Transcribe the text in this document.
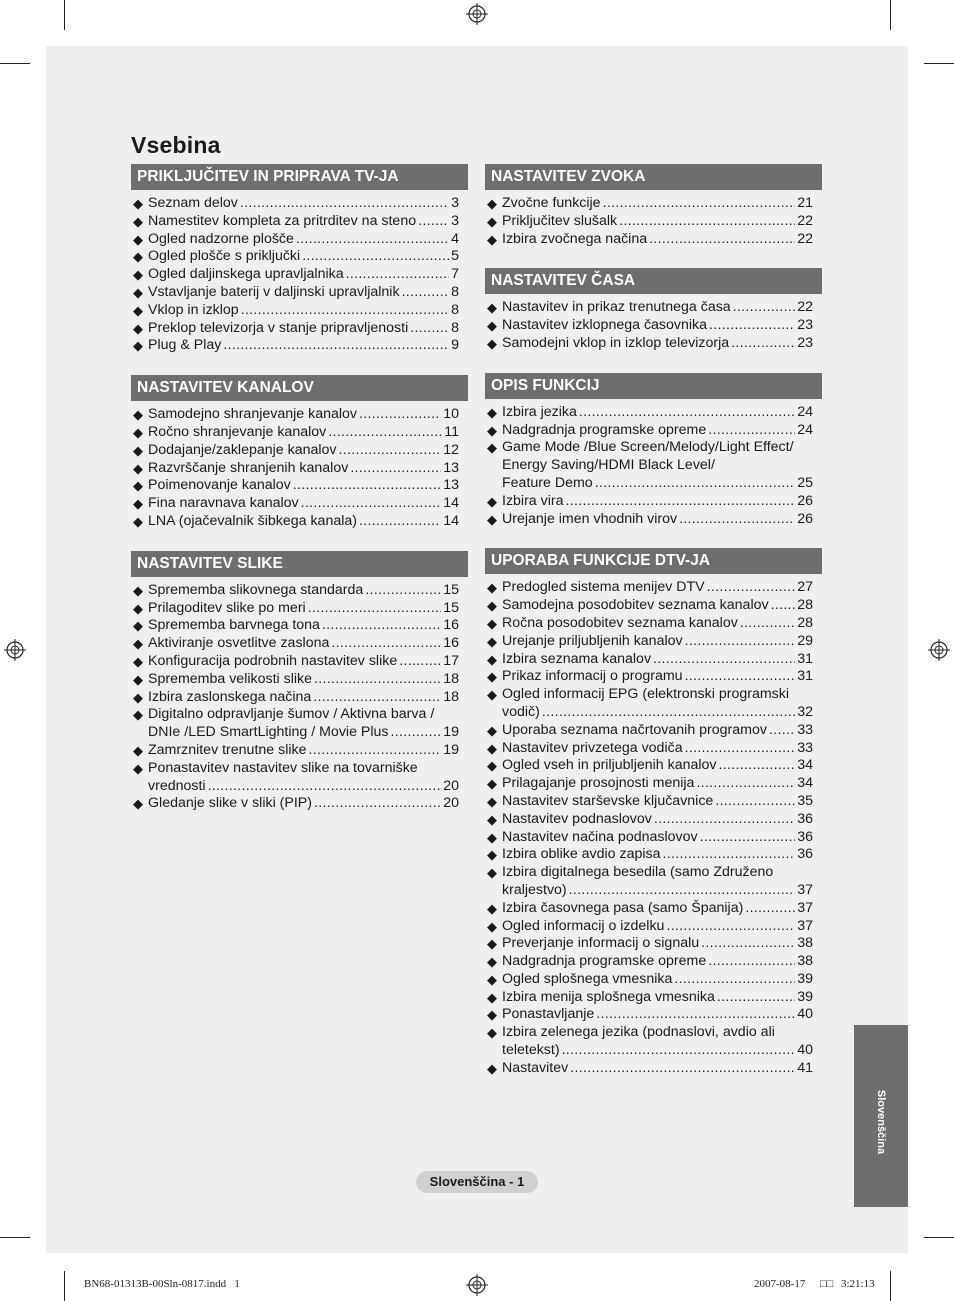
Vsebina
PRIKLJUČITEV IN PRIPRAVA TV-JA
◆ Seznam delov .....	3
◆ Namestitev kompleta za pritrditev na steno ..... 3
◆ Ogled nadzorne plošče .....	4
◆ Ogled plošče s priključki .....	5
◆ Ogled daljinskega upravljalnika .....	7
◆ Vstavljanje baterij v daljinski upravljalnik .....	8
◆ Vklop in izklop .....	8
◆ Preklop televizorja v stanje pripravljenosti .....	8
◆ Plug & Play .....	9
NASTAVITEV KANALOV
◆ Samodejno shranjevanje kanalov .....	10
◆ Ročno shranjevanje kanalov .....	11
◆ Dodajanje/zaklepanje kanalov .....	12
◆ Razvrščanje shranjenih kanalov .....	13
◆ Poimenovanje kanalov .....	13
◆ Fina naravnava kanalov .....	14
◆ LNA (ojačevalnik šibkega kanala) .....	14
NASTAVITEV SLIKE
◆ Sprememba slikovnega standarda .....	15
◆ Prilagoditev slike po meri .....	15
◆ Sprememba barvnega tona .....	16
◆ Aktiviranje osvetlitve zaslona .....	16
◆ Konfiguracija podrobnih nastavitev slike .....	17
◆ Sprememba velikosti slike .....	18
◆ Izbira zaslonskega načina .....	18
◆ Digitalno odpravljanje šumov / Aktivna barva /
DNIe /LED SmartLighting / Movie Plus .....	19
◆ Zamrznitev trenutne slike .....	19
◆ Ponastavitev nastavitev slike na tovarniške
vrednosti .....	20
◆ Gledanje slike v sliki (PIP) .....	20
NASTAVITEV ZVOKA
◆ Zvočne funkcije .....	21
◆ Priključitev slušalk .....	22
◆ Izbira zvočnega načina .....	22
NASTAVITEV ČASA
◆ Nastavitev in prikaz trenutnega časa .....	22
◆ Nastavitev izklopnega časovnika .....	23
◆ Samodejni vklop in izklop televizorja .....	23
OPIS FUNKCIJ
◆ Izbira jezika .....	24
◆ Nadgradnja programske opreme .....	24
◆ Game Mode /Blue Screen/Melody/Light Effect/
Energy Saving/HDMI Black Level/
Feature Demo .....	25
◆ Izbira vira .....	26
◆ Urejanje imen vhodnih virov .....	26
UPORABA FUNKCIJE DTV-JA
◆ Predogled sistema menijev DTV .....	27
◆ Samodejna posodobitev seznama kanalov ..... 28
◆ Ročna posodobitev seznama kanalov .....	28
◆ Urejanje priljubljenih kanalov .....	29
◆ Izbira seznama kanalov .....	31
◆ Prikaz informacij o programu .....	31
◆ Ogled informacij EPG (elektronski programski
vodič) .....	32
◆ Uporaba seznama načrtovanih programov ..... 33
◆ Nastavitev privzetega vodiča .....	33
◆ Ogled vseh in priljubljenih kanalov .....	34
◆ Prilagajanje prosojnosti menija .....	34
◆ Nastavitev starševske ključavnice .....	35
◆ Nastavitev podnaslovov .....	36
◆ Nastavitev načina podnaslovov .....	36
◆ Izbira oblike avdio zapisa .....	36
◆ Izbira digitalnega besedila (samo Združeno
kraljestvo) .....	37
◆ Izbira časovnega pasa (samo Španija) .....	37
◆ Ogled informacij o izdelku .....	37
◆ Preverjanje informacij o signalu .....	38
◆ Nadgradnja programske opreme .....	38
◆ Ogled splošnega vmesnika .....	39
◆ Izbira menija splošnega vmesnika .....	39
◆ Ponastavljanje .....	40
◆ Izbira zelenega jezika (podnaslovi, avdio ali
teletekst) .....	40
◆ Nastavitev .....	41
Slovenščina
Slovenščina - 1
BN68-01313B-00Sln-0817.indd   1	2007-08-17 □□ 3:21:13
